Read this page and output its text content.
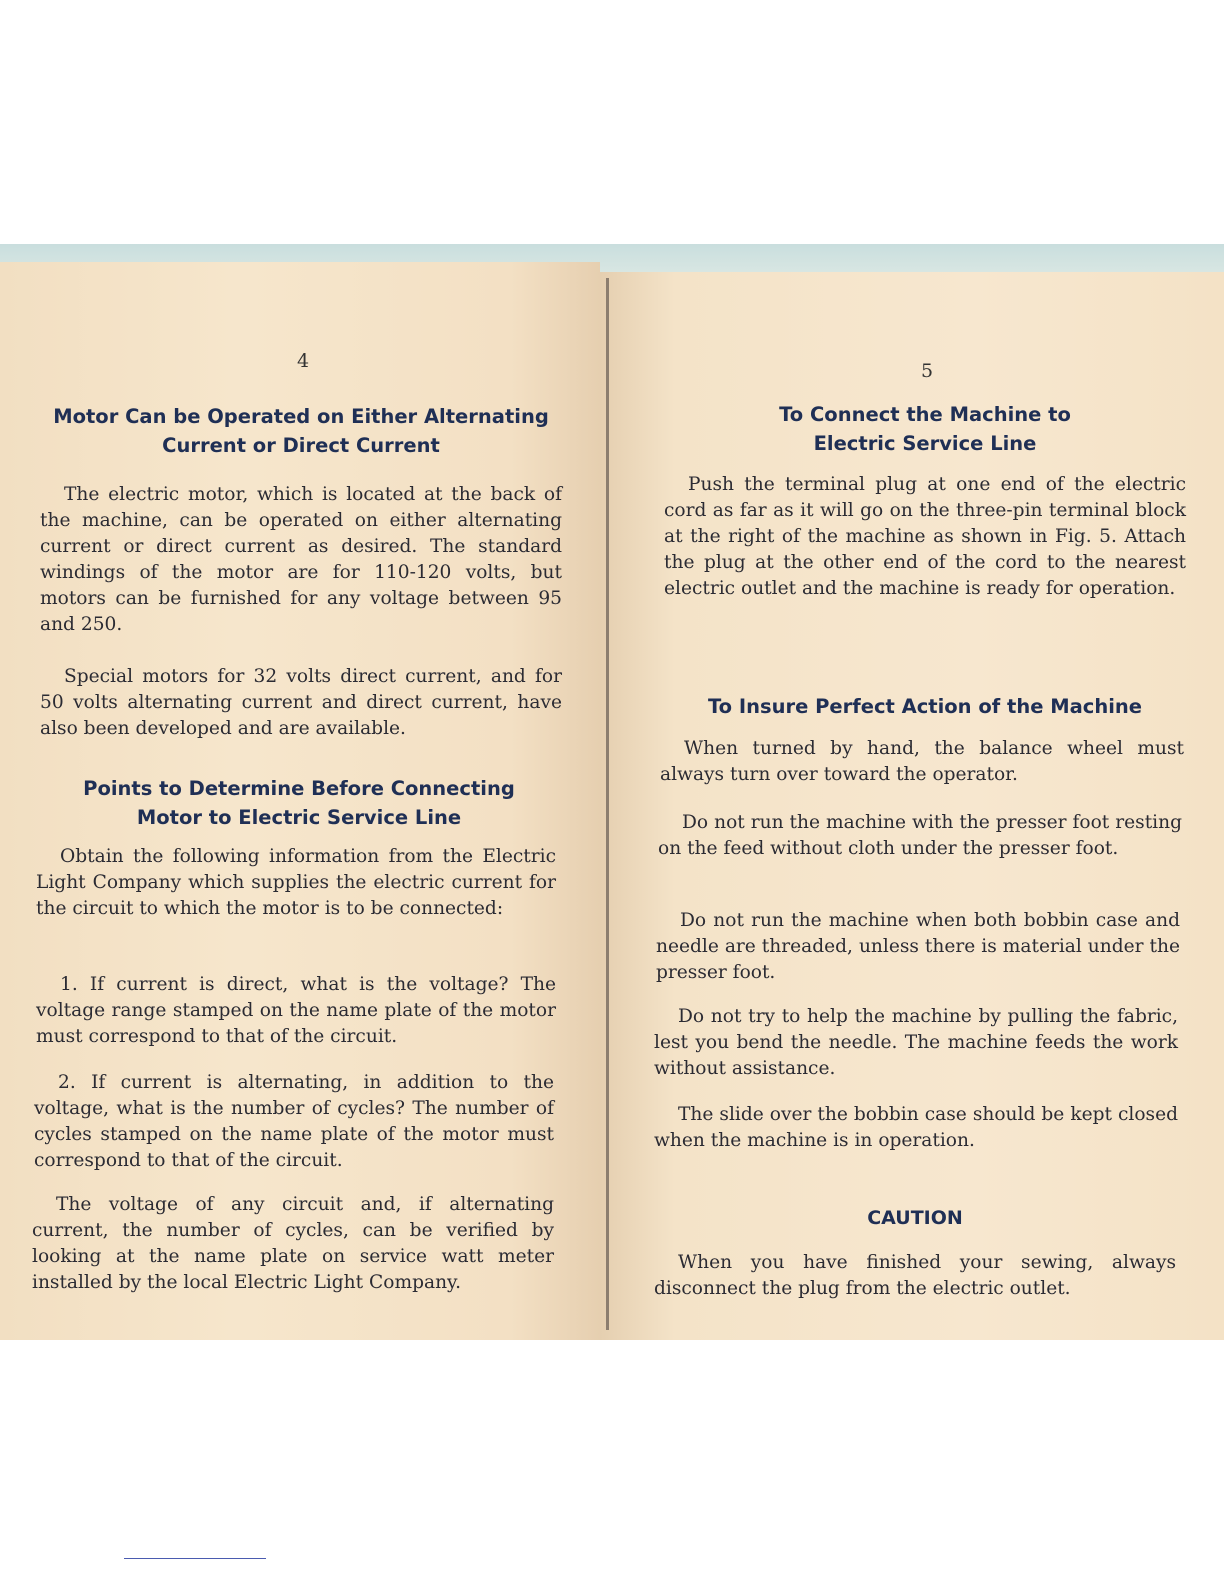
4
Motor Can be Operated on Either Alternating
Current or Direct Current

The electric motor, which is located at the back of the machine, can be operated on either alternating current or direct current as desired. The standard windings of the motor are for 110-120 volts, but motors can be furnished for any voltage between 95 and 250.

Special motors for 32 volts direct current, and for 50 volts alternating current and direct current, have also been developed and are available.

Points to Determine Before Connecting
Motor to Electric Service Line

Obtain the following information from the Electric Light Company which supplies the electric current for the circuit to which the motor is to be connected:

1. If current is direct, what is the voltage? The voltage range stamped on the name plate of the motor must correspond to that of the circuit.

2. If current is alternating, in addition to the voltage, what is the number of cycles? The number of cycles stamped on the name plate of the motor must correspond to that of the circuit.

The voltage of any circuit and, if alternating current, the number of cycles, can be verified by looking at the name plate on service watt meter installed by the local Electric Light Company.

5
To Connect the Machine to
Electric Service Line

Push the terminal plug at one end of the electric cord as far as it will go on the three-pin terminal block at the right of the machine as shown in Fig. 5. Attach the plug at the other end of the cord to the nearest electric outlet and the machine is ready for operation.

To Insure Perfect Action of the Machine

When turned by hand, the balance wheel must always turn over toward the operator.

Do not run the machine with the presser foot resting on the feed without cloth under the presser foot.

Do not run the machine when both bobbin case and needle are threaded, unless there is material under the presser foot.

Do not try to help the machine by pulling the fabric, lest you bend the needle. The machine feeds the work without assistance.

The slide over the bobbin case should be kept closed when the machine is in operation.

CAUTION

When you have finished your sewing, always disconnect the plug from the electric outlet.
